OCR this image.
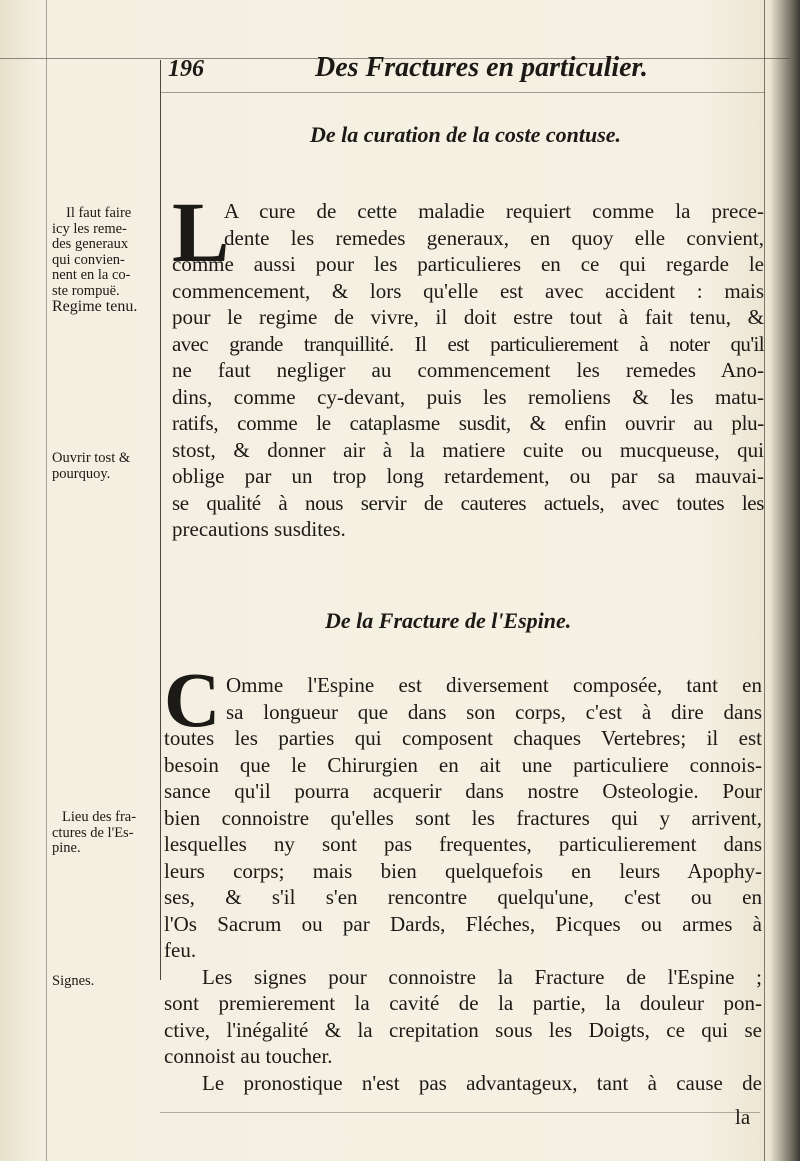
196	Des Fractures en particulier.
De la curation de la coste contuse.
L
A cure de cette maladie requiert comme la prece-
dente les remedes generaux, en quoy elle convient,
comme aussi pour les particulieres en ce qui regarde le
commencement, & lors qu'elle est avec accident : mais
pour le regime de vivre, il doit estre tout à fait tenu, &
avec grande tranquillité. Il est particulierement à noter qu'il
ne faut negliger au commencement les remedes Ano-
dins, comme cy-devant, puis les remoliens & les matu-
ratifs, comme le cataplasme susdit, & enfin ouvrir au plu-
stost, & donner air à la matiere cuite ou mucqueuse, qui
oblige par un trop long retardement, ou par sa mauvai-
se qualité à nous servir de cauteres actuels, avec toutes les
precautions susdites.
De la Fracture de l'Espine.
C Omme l'Espine est diversement composée, tant en
sa longueur que dans son corps, c'est à dire dans
toutes les parties qui composent chaques Vertebres; il est
besoin que le Chirurgien en ait une particuliere connois-
sance qu'il pourra acquerir dans nostre Osteologie. Pour
bien connoistre qu'elles sont les fractures qui y arrivent,
lesquelles ny sont pas frequentes, particulierement dans
leurs corps; mais bien quelquefois en leurs Apophy-
ses, & s'il s'en rencontre quelqu'une, c'est ou en
l'Os Sacrum ou par Dards, Fléches, Picques ou armes à
feu.
Les signes pour connoistre la Fracture de l'Espine ;
sont premierement la cavité de la partie, la douleur pon-
ctive, l'inégalité & la crepitation sous les Doigts, ce qui se
connoist au toucher.
Le pronostique n'est pas advantageux, tant à cause de
la
Il faut faire
icy les reme-
des generaux
qui convien-
nent en la co-
ste rompuë.
Regime tenu.
Ouvrir tost &
pourquoy.
Lieu des fra-
ctures de l'Es-
pine.
Signes.
